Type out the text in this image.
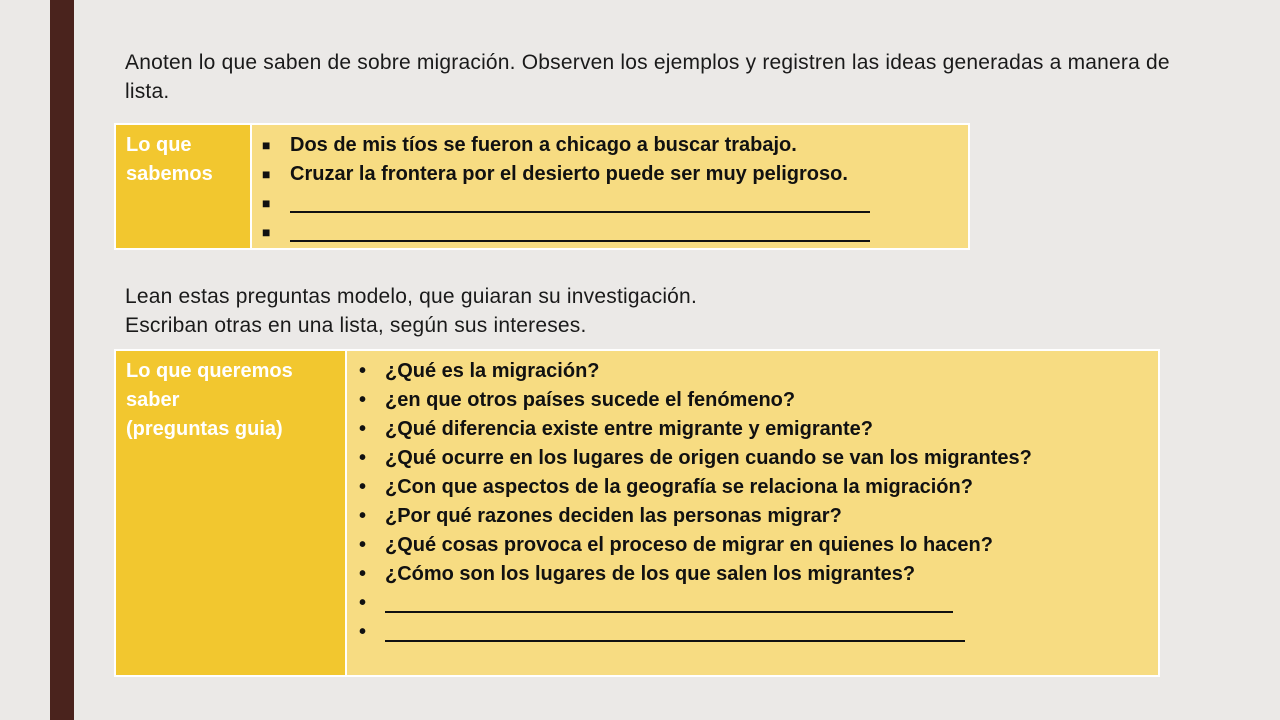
Anoten lo que saben de sobre migración. Observen los ejemplos y registren las ideas generadas a manera de lista.
Lo que
sabemos
■ Dos de mis tíos se fueron a chicago a buscar trabajo.
■ Cruzar la frontera por el desierto puede ser muy peligroso.
■
■
Lean estas preguntas modelo, que guiaran su investigación.
Escriban otras en una lista, según sus intereses.
Lo que queremos
saber
(preguntas guia)
• ¿Qué es la migración?
• ¿en que otros países sucede el fenómeno?
• ¿Qué diferencia existe entre migrante y emigrante?
• ¿Qué ocurre en los lugares de origen cuando se van los migrantes?
• ¿Con que aspectos de la geografía se relaciona la migración?
• ¿Por qué razones deciden las personas migrar?
• ¿Qué cosas provoca el proceso de migrar en quienes lo hacen?
• ¿Cómo son los lugares de los que salen los migrantes?
•
•
